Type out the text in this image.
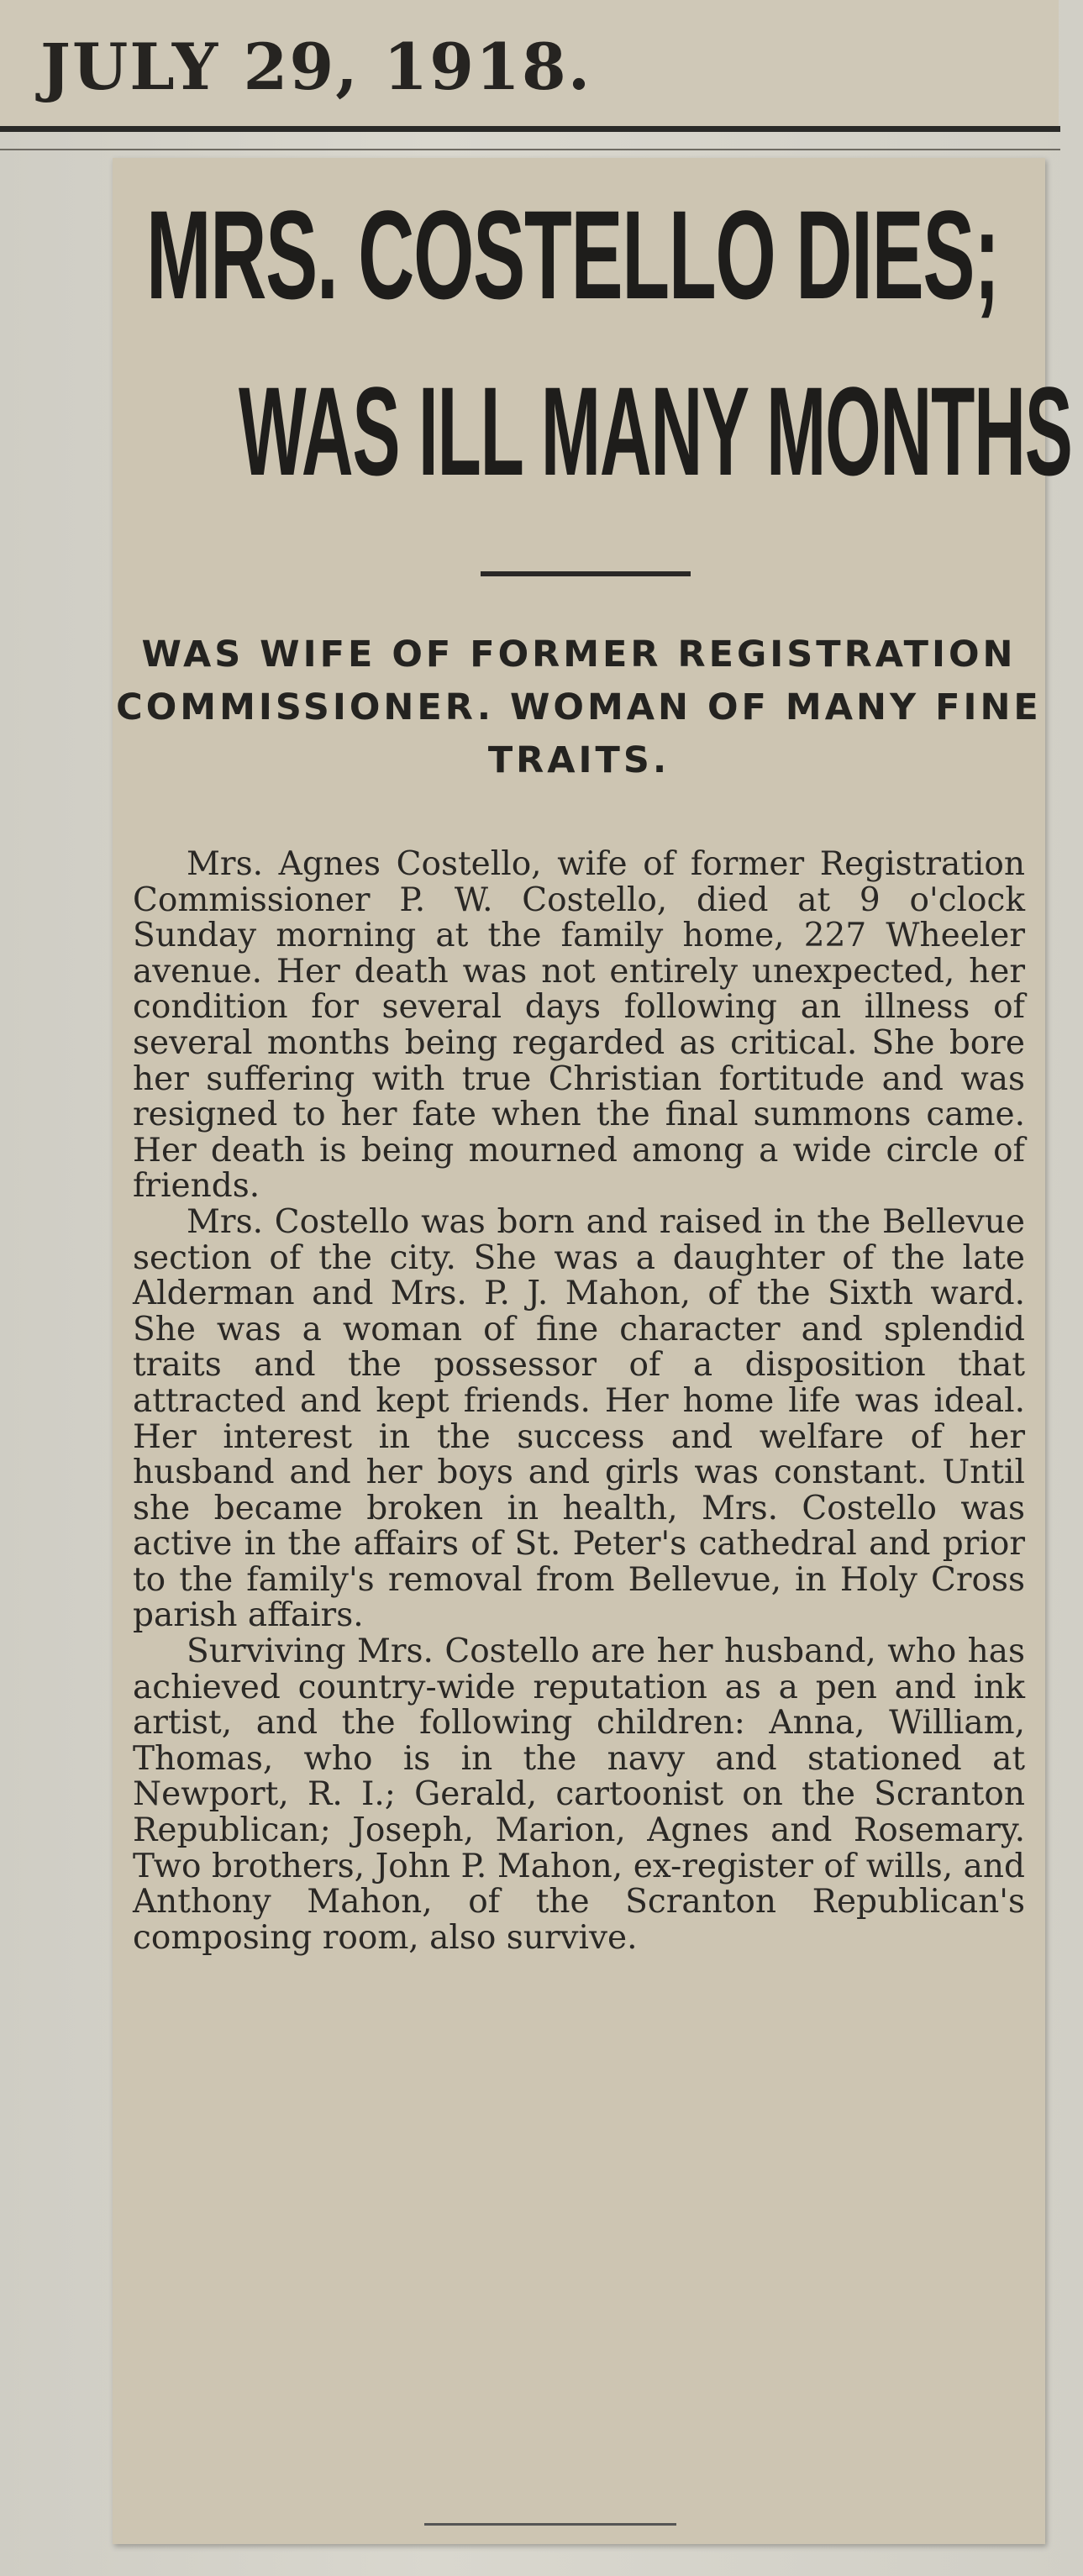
JULY 29, 1918.
MRS. COSTELLO DIES;
WAS ILL MANY MONTHS

WAS WIFE OF FORMER REGISTRATION COMMISSIONER. WOMAN OF MANY FINE TRAITS.

Mrs. Agnes Costello, wife of former Registration Commissioner P. W. Costello, died at 9 o'clock Sunday morning at the family home, 227 Wheeler avenue. Her death was not entirely unexpected, her condition for several days following an illness of several months being regarded as critical. She bore her suffering with true Christian fortitude and was resigned to her fate when the final summons came. Her death is being mourned among a wide circle of friends.

Mrs. Costello was born and raised in the Bellevue section of the city. She was a daughter of the late Alderman and Mrs. P. J. Mahon, of the Sixth ward. She was a woman of fine character and splendid traits and the possessor of a disposition that attracted and kept friends. Her home life was ideal. Her interest in the success and welfare of her husband and her boys and girls was constant. Until she became broken in health, Mrs. Costello was active in the affairs of St. Peter's cathedral and prior to the family's removal from Bellevue, in Holy Cross parish affairs.

Surviving Mrs. Costello are her husband, who has achieved country-wide reputation as a pen and ink artist, and the following children: Anna, William, Thomas, who is in the navy and stationed at Newport, R. I.; Gerald, cartoonist on the Scranton Republican; Joseph, Marion, Agnes and Rosemary. Two brothers, John P. Mahon, ex-register of wills, and Anthony Mahon, of the Scranton Republican's composing room, also survive.
